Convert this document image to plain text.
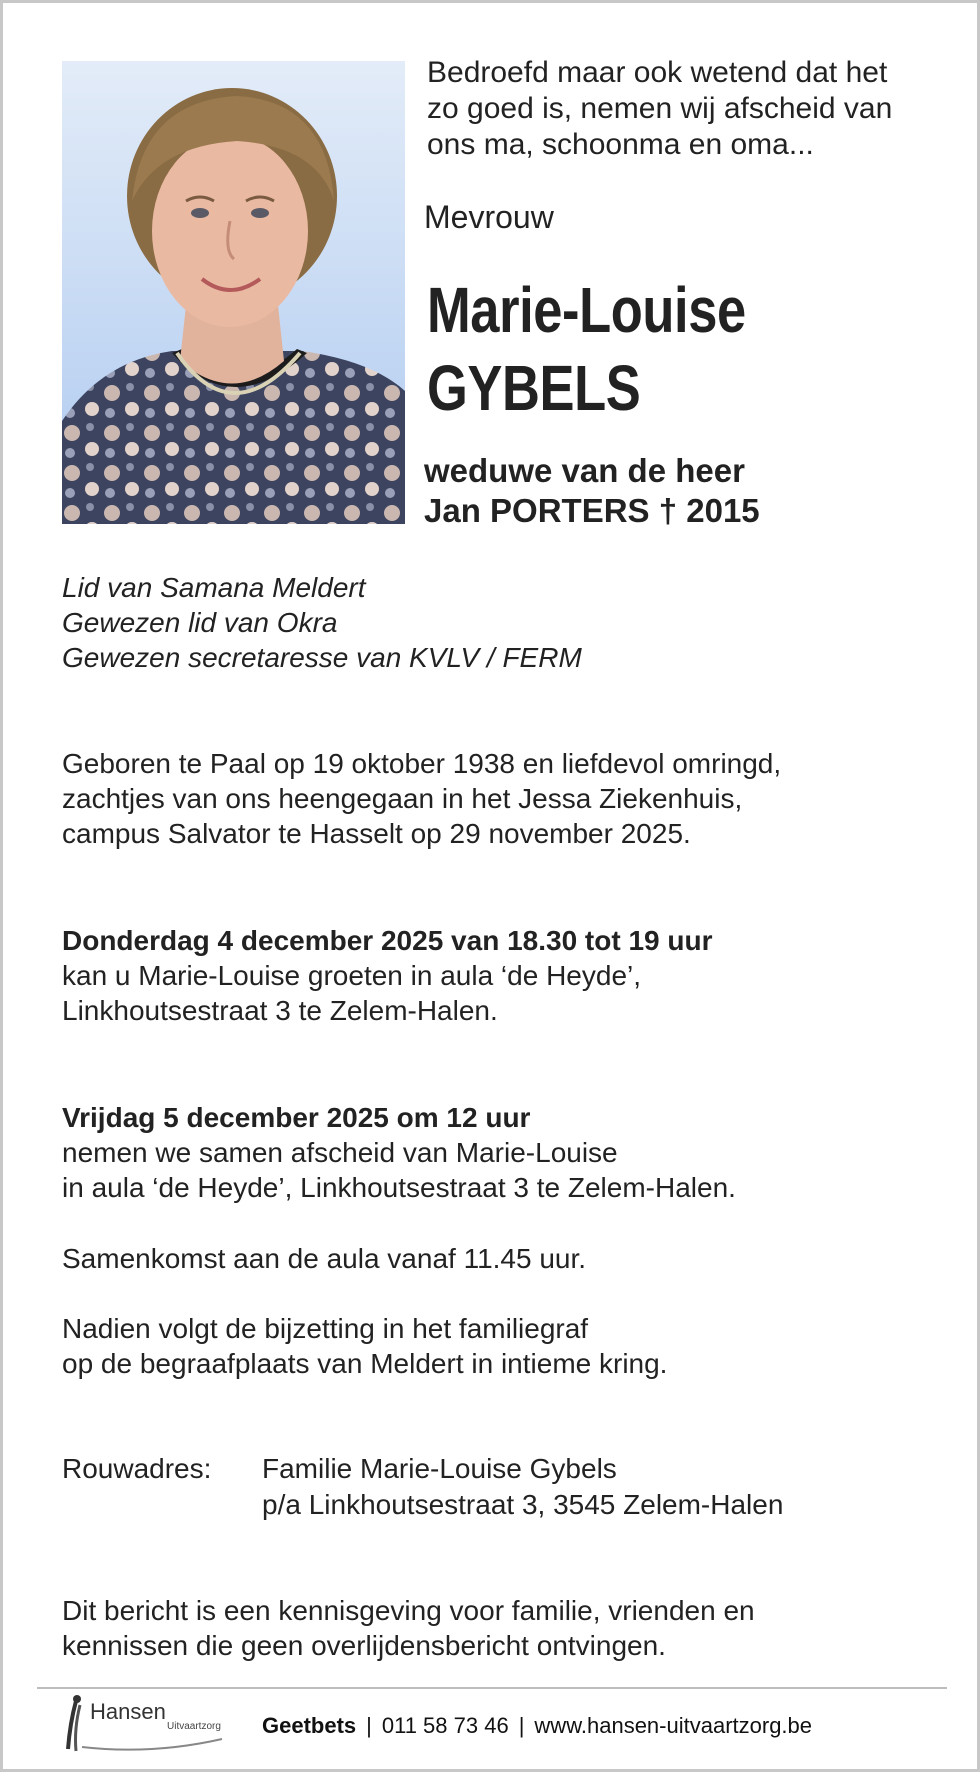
Bedroefd maar ook wetend dat het
zo goed is, nemen wij afscheid van
ons ma, schoonma en oma...
Mevrouw
Marie-Louise
GYBELS
weduwe van de heer
Jan PORTERS † 2015
Lid van Samana Meldert
Gewezen lid van Okra
Gewezen secretaresse van KVLV / FERM
Geboren te Paal op 19 oktober 1938 en liefdevol omringd,
zachtjes van ons heengegaan in het Jessa Ziekenhuis,
campus Salvator te Hasselt op 29 november 2025.
Donderdag 4 december 2025 van 18.30 tot 19 uur
kan u Marie-Louise groeten in aula ‘de Heyde’,
Linkhoutsestraat 3 te Zelem-Halen.
Vrijdag 5 december 2025 om 12 uur
nemen we samen afscheid van Marie-Louise
in aula ‘de Heyde’, Linkhoutsestraat 3 te Zelem-Halen.
Samenkomst aan de aula vanaf 11.45 uur.
Nadien volgt de bijzetting in het familiegraf
op de begraafplaats van Meldert in intieme kring.
Rouwadres: Familie Marie-Louise Gybels
p/a Linkhoutsestraat 3, 3545 Zelem-Halen
Dit bericht is een kennisgeving voor familie, vrienden en
kennissen die geen overlijdensbericht ontvingen.
Hansen
Uitvaartzorg Geetbets | 011 58 73 46 | www.hansen-uitvaartzorg.be
